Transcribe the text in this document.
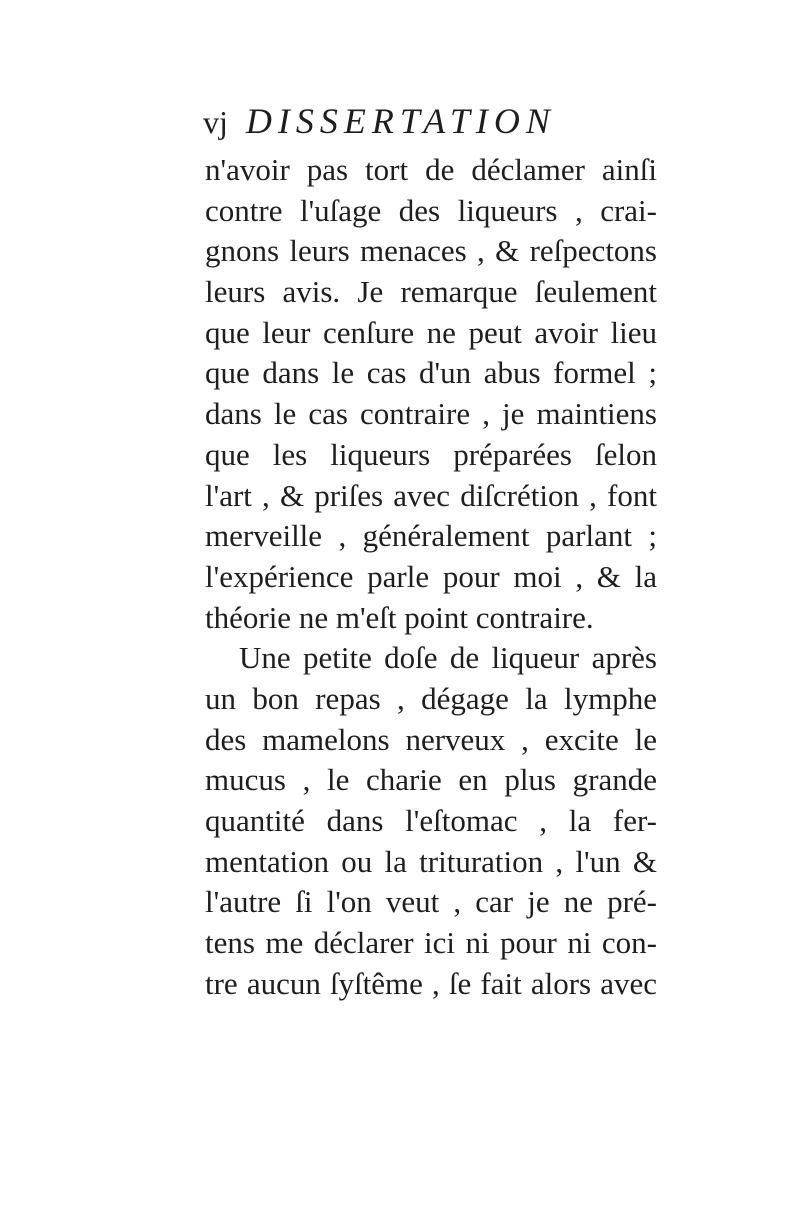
vj DISSERTATION
n'avoir pas tort de déclamer ainſi
contre l'uſage des liqueurs , crai-
gnons leurs menaces , & reſpectons
leurs avis. Je remarque ſeulement
que leur cenſure ne peut avoir lieu
que dans le cas d'un abus formel ;
dans le cas contraire , je maintiens
que les liqueurs préparées ſelon
l'art , & priſes avec diſcrétion , font
merveille , généralement parlant ;
l'expérience parle pour moi , & la
théorie ne m'eſt point contraire.
Une petite doſe de liqueur après
un bon repas , dégage la lymphe
des mamelons nerveux , excite le
mucus , le charie en plus grande
quantité dans l'eſtomac , la fer-
mentation ou la trituration , l'un &
l'autre ſi l'on veut , car je ne pré-
tens me déclarer ici ni pour ni con-
tre aucun ſyſtême , ſe fait alors avec
